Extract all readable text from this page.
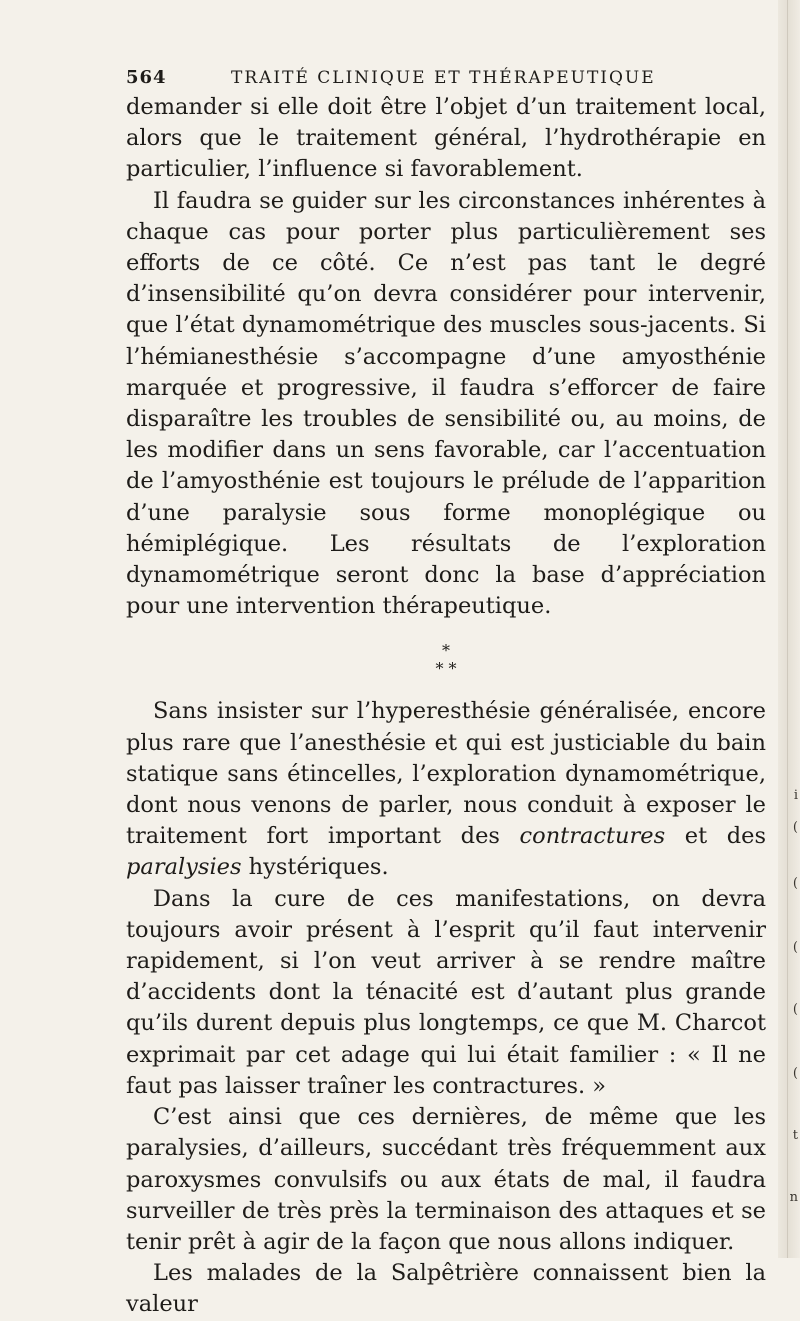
i
(
(
(
(
(
t
n
564	TRAITÉ CLINIQUE ET THÉRAPEUTIQUE

demander si elle doit être l’objet d’un traitement local, alors que le traitement général, l’hydrothérapie en particulier, l’influence si favorablement.

Il faudra se guider sur les circonstances inhérentes à chaque cas pour porter plus particulièrement ses efforts de ce côté. Ce n’est pas tant le degré d’insensibilité qu’on devra considérer pour intervenir, que l’état dynamométrique des muscles sous-jacents. Si l’hémianesthésie s’accompagne d’une amyosthénie marquée et progressive, il faudra s’efforcer de faire disparaître les troubles de sensibilité ou, au moins, de les modifier dans un sens favorable, car l’accentuation de l’amyosthénie est toujours le prélude de l’apparition d’une paralysie sous forme monoplégique ou hémiplégique. Les résultats de l’exploration dynamométrique seront donc la base d’appréciation pour une intervention thérapeutique.

*
* *

Sans insister sur l’hyperesthésie généralisée, encore plus rare que l’anesthésie et qui est justiciable du bain statique sans étincelles, l’exploration dynamométrique, dont nous venons de parler, nous conduit à exposer le traitement fort important des contractures et des paralysies hystériques.

Dans la cure de ces manifestations, on devra toujours avoir présent à l’esprit qu’il faut intervenir rapidement, si l’on veut arriver à se rendre maître d’accidents dont la ténacité est d’autant plus grande qu’ils durent depuis plus longtemps, ce que M. Charcot exprimait par cet adage qui lui était familier : « Il ne faut pas laisser traîner les contractures. »

C’est ainsi que ces dernières, de même que les paralysies, d’ailleurs, succédant très fréquemment aux paroxysmes convulsifs ou aux états de mal, il faudra surveiller de très près la terminaison des attaques et se tenir prêt à agir de la façon que nous allons indiquer.

Les malades de la Salpêtrière connaissent bien la valeur
